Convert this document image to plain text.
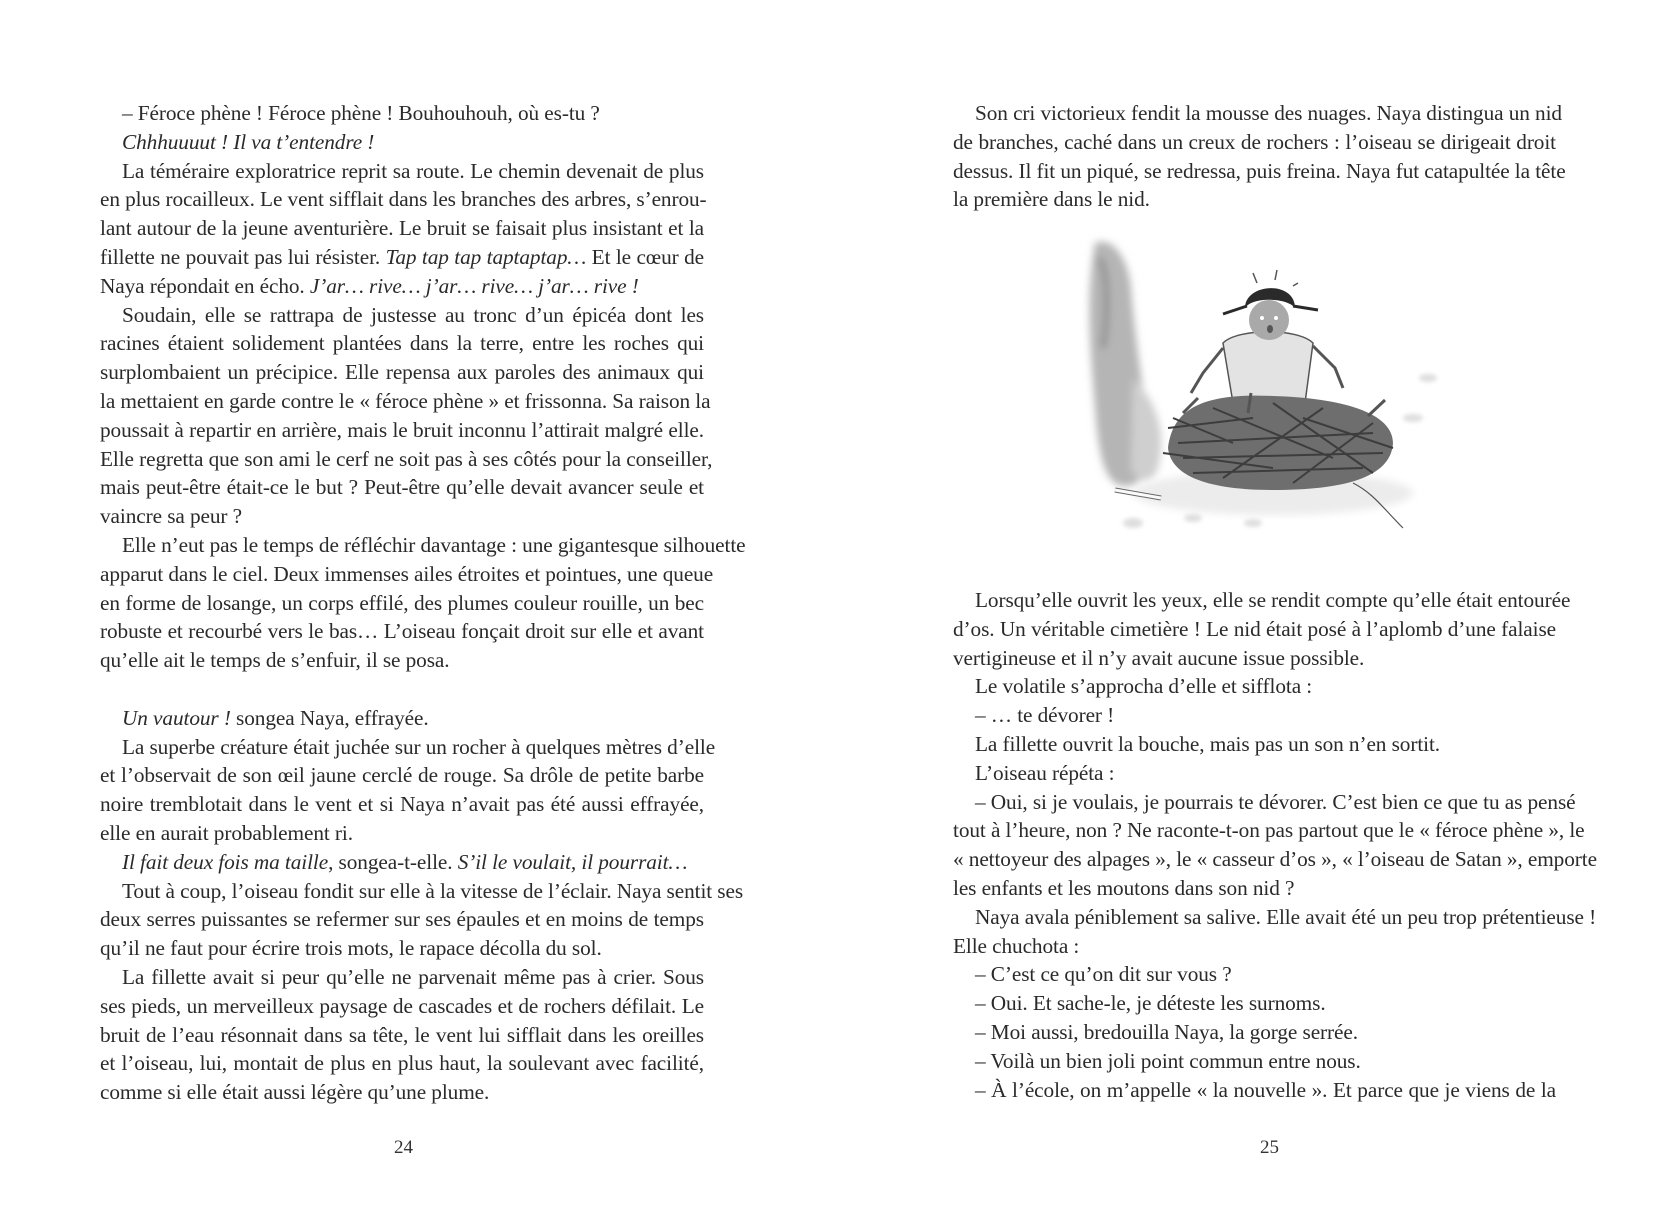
– Féroce phène ! Féroce phène ! Bouhouhouh, où es-tu ?
Chhhuuuut ! Il va t’entendre !
La téméraire exploratrice reprit sa route. Le chemin devenait de plus
en plus rocailleux. Le vent sifflait dans les branches des arbres, s’enrou-
lant autour de la jeune aventurière. Le bruit se faisait plus insistant et la
fillette ne pouvait pas lui résister. Tap tap tap taptaptap… Et le cœur de
Naya répondait en écho. J’ar… rive… j’ar… rive… j’ar… rive !
Soudain, elle se rattrapa de justesse au tronc d’un épicéa dont les
racines étaient solidement plantées dans la terre, entre les roches qui
surplombaient un précipice. Elle repensa aux paroles des animaux qui
la mettaient en garde contre le « féroce phène » et frissonna. Sa raison la
poussait à repartir en arrière, mais le bruit inconnu l’attirait malgré elle.
Elle regretta que son ami le cerf ne soit pas à ses côtés pour la conseiller,
mais peut-être était-ce le but ? Peut-être qu’elle devait avancer seule et
vaincre sa peur ?
Elle n’eut pas le temps de réfléchir davantage : une gigantesque silhouette
apparut dans le ciel. Deux immenses ailes étroites et pointues, une queue
en forme de losange, un corps effilé, des plumes couleur rouille, un bec
robuste et recourbé vers le bas… L’oiseau fonçait droit sur elle et avant
qu’elle ait le temps de s’enfuir, il se posa.
Un vautour ! songea Naya, effrayée.
La superbe créature était juchée sur un rocher à quelques mètres d’elle
et l’observait de son œil jaune cerclé de rouge. Sa drôle de petite barbe
noire tremblotait dans le vent et si Naya n’avait pas été aussi effrayée,
elle en aurait probablement ri.
Il fait deux fois ma taille, songea-t-elle. S’il le voulait, il pourrait…
Tout à coup, l’oiseau fondit sur elle à la vitesse de l’éclair. Naya sentit ses
deux serres puissantes se refermer sur ses épaules et en moins de temps
qu’il ne faut pour écrire trois mots, le rapace décolla du sol.
La fillette avait si peur qu’elle ne parvenait même pas à crier. Sous
ses pieds, un merveilleux paysage de cascades et de rochers défilait. Le
bruit de l’eau résonnait dans sa tête, le vent lui sifflait dans les oreilles
et l’oiseau, lui, montait de plus en plus haut, la soulevant avec facilité,
comme si elle était aussi légère qu’une plume.
24
Son cri victorieux fendit la mousse des nuages. Naya distingua un nid
de branches, caché dans un creux de rochers : l’oiseau se dirigeait droit
dessus. Il fit un piqué, se redressa, puis freina. Naya fut catapultée la tête
la première dans le nid.
Lorsqu’elle ouvrit les yeux, elle se rendit compte qu’elle était entourée
d’os. Un véritable cimetière ! Le nid était posé à l’aplomb d’une falaise
vertigineuse et il n’y avait aucune issue possible.
Le volatile s’approcha d’elle et sifflota :
– … te dévorer !
La fillette ouvrit la bouche, mais pas un son n’en sortit.
L’oiseau répéta :
– Oui, si je voulais, je pourrais te dévorer. C’est bien ce que tu as pensé
tout à l’heure, non ? Ne raconte-t-on pas partout que le « féroce phène », le
« nettoyeur des alpages », le « casseur d’os », « l’oiseau de Satan », emporte
les enfants et les moutons dans son nid ?
Naya avala péniblement sa salive. Elle avait été un peu trop prétentieuse !
Elle chuchota :
– C’est ce qu’on dit sur vous ?
– Oui. Et sache-le, je déteste les surnoms.
– Moi aussi, bredouilla Naya, la gorge serrée.
– Voilà un bien joli point commun entre nous.
– À l’école, on m’appelle « la nouvelle ». Et parce que je viens de la
25
